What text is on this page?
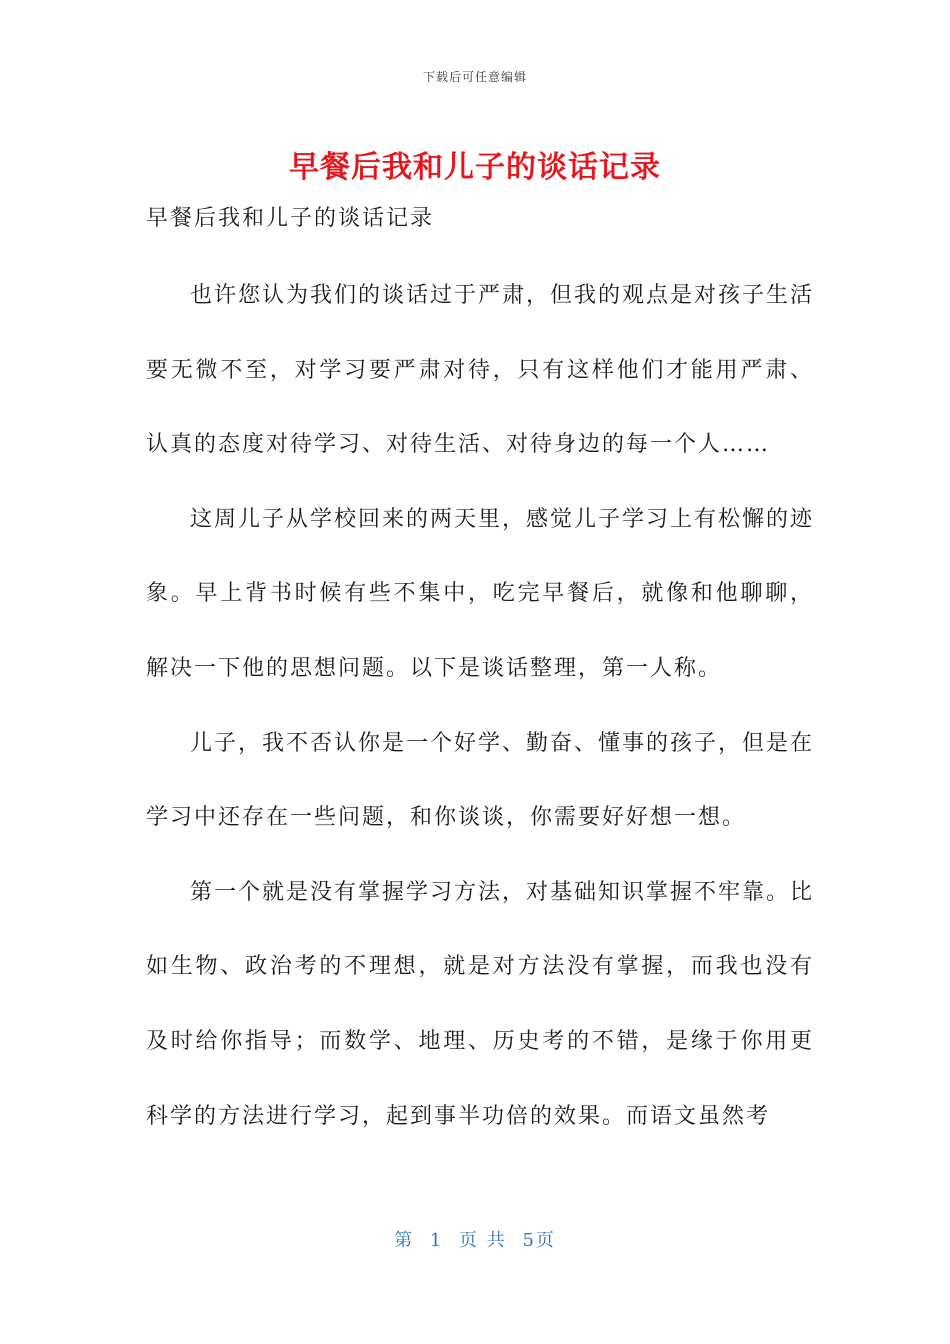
下载后可任意编辑
早餐后我和儿子的谈话记录

早餐后我和儿子的谈话记录

也许您认为我们的谈话过于严肃，但我的观点是对孩子生活要无微不至，对学习要严肃对待，只有这样他们才能用严肃、认真的态度对待学习、对待生活、对待身边的每一个人……

这周儿子从学校回来的两天里，感觉儿子学习上有松懈的迹象。早上背书时候有些不集中，吃完早餐后，就像和他聊聊，解决一下他的思想问题。以下是谈话整理，第一人称。

儿子，我不否认你是一个好学、勤奋、懂事的孩子，但是在学习中还存在一些问题，和你谈谈，你需要好好想一想。

第一个就是没有掌握学习方法，对基础知识掌握不牢靠。比如生物、政治考的不理想，就是对方法没有掌握，而我也没有及时给你指导；而数学、地理、历史考的不错，是缘于你用更科学的方法进行学习，起到事半功倍的效果。而语文虽然考

第 1 页 共 5页
